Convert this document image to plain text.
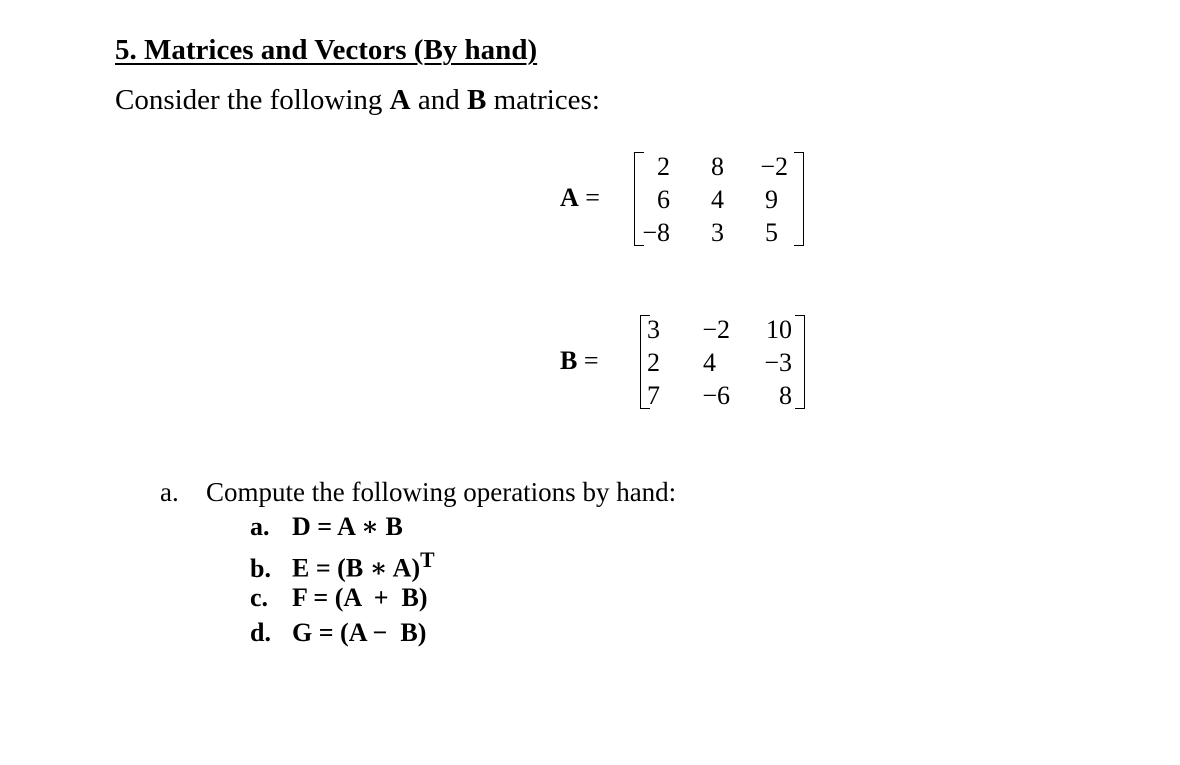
5. Matrices and Vectors (By hand)
Consider the following A and B matrices:
A =
2 8 −2
6 4 9
−8 3 5
B =
3 −2 10
2 4 −3
7 −6 8
a. Compute the following operations by hand:
a. D = A ∗ B
b. E = (B ∗ A)$^T$
c. F = (A  +  B)
d. G = (A −  B)
